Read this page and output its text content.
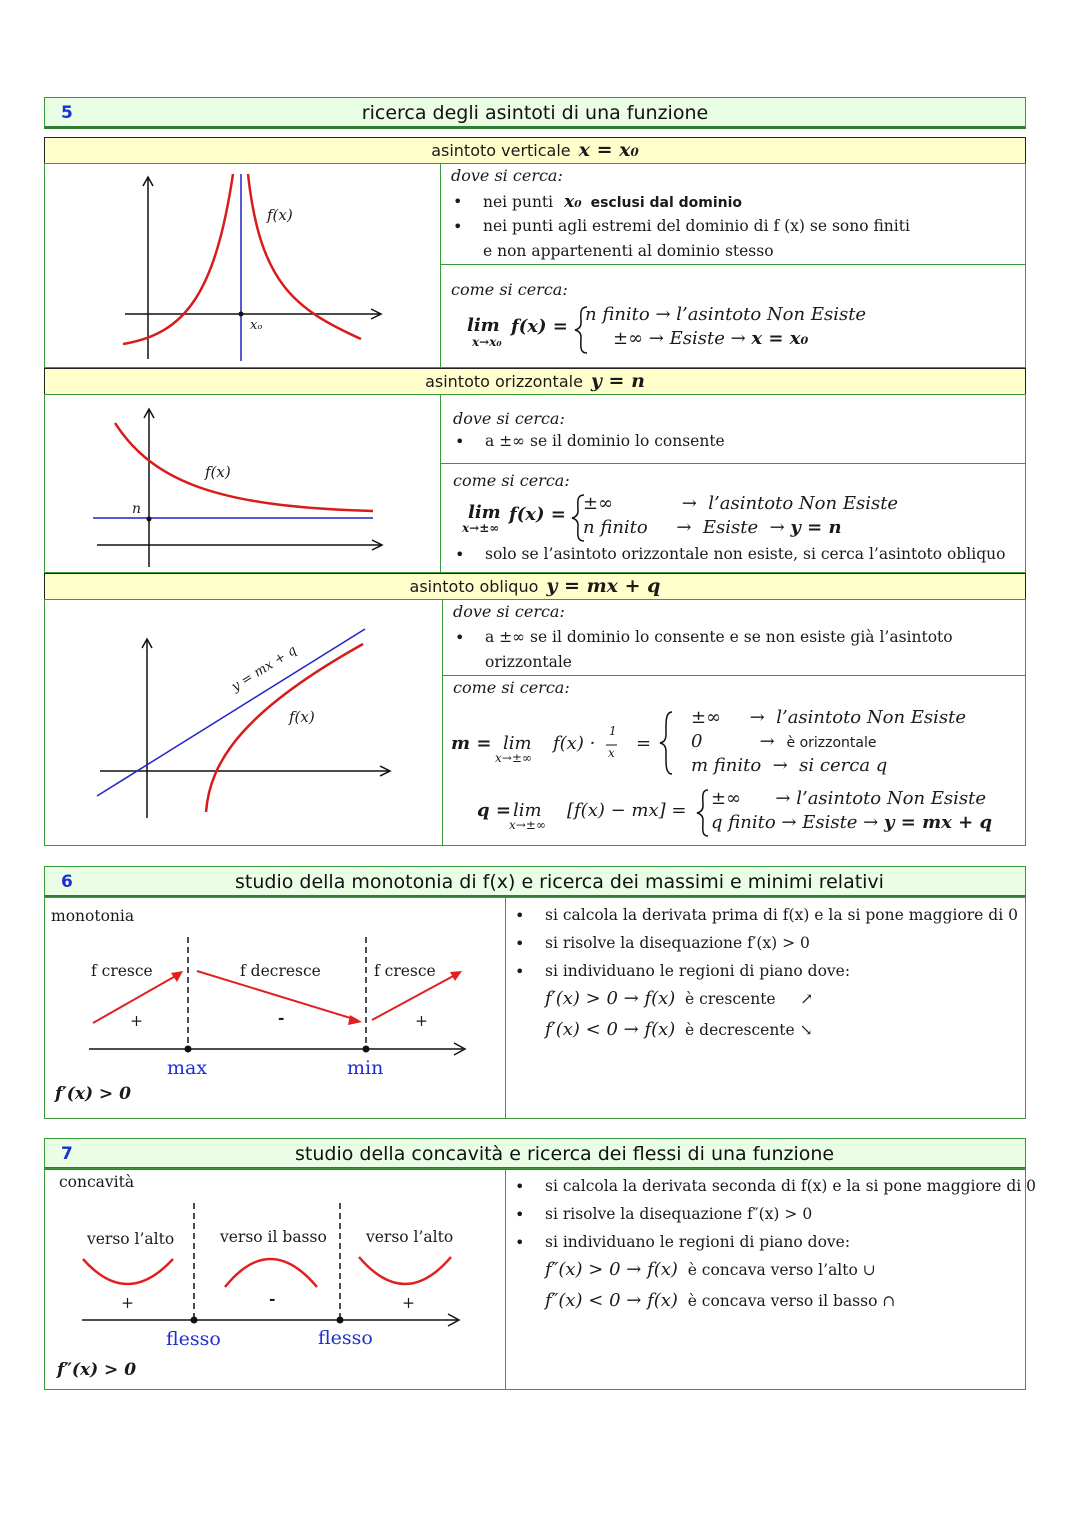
5	ricerca degli asintoti di una funzione
asintoto verticale x = x₀
f(x)
xₒ
dove si cerca:
• nei punti x₀ esclusi dal dominio
• nei punti agli estremi del dominio di f (x) se sono finiti
e non appartenenti al dominio stesso
come si cerca:
lim
x→x₀
f(x) =
n finito → l’asintoto Non Esiste
±∞ → Esiste → x = x₀
asintoto orizzontale y = n
f(x)
n
dove si cerca:
• a ±∞ se il dominio lo consente
come si cerca:
lim
x→±∞
f(x) =
±∞            →  l’asintoto Non Esiste
n finito     →  Esiste  → y = n
• solo se l’asintoto orizzontale non esiste, si cerca l’asintoto obliquo
asintoto obliquo y = mx + q
y = mx + q
f(x)
dove si cerca:
• a ±∞ se il dominio lo consente e se non esiste già l’asintoto
orizzontale
come si cerca:
m = lim
x→±∞
f(x) ·
1
x =
±∞     →  l’asintoto Non Esiste
0          → è orizzontale
m finito  →  si cerca q
q = lim
x→±∞
[f(x) − mx] =
±∞      → l’asintoto Non Esiste
q finito → Esiste → y = mx + q
6	studio della monotonia di f(x) e ricerca dei massimi e minimi relativi
monotonia
f cresce	f decresce	f cresce
+	-	+
max	min
f′(x) > 0
• si calcola la derivata prima di f(x) e la si pone maggiore di 0
• si risolve la disequazione f′(x) > 0
• si individuano le regioni di piano dove:
f′(x) > 0 → f(x) è crescente     ↗
f′(x) < 0 → f(x) è decrescente ↘
7	studio della concavità e ricerca dei flessi di una funzione
concavità
verso l’alto	verso il basso	verso l’alto
+	-	+
flesso	flesso
f″(x) > 0
• si calcola la derivata seconda di f(x) e la si pone maggiore di 0
• si risolve la disequazione f″(x) > 0
• si individuano le regioni di piano dove:
f″(x) > 0 → f(x) è concava verso l’alto ∪
f″(x) < 0 → f(x) è concava verso il basso ∩
